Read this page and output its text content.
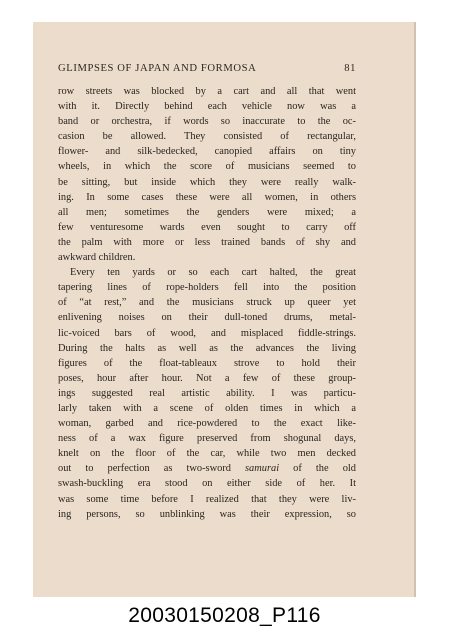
GLIMPSES OF JAPAN AND FORMOSA	81
row streets was blocked by a cart and all that went
with it. Directly behind each vehicle now was a
band or orchestra, if words so inaccurate to the oc-
casion be allowed. They consisted of rectangular,
flower- and silk-bedecked, canopied affairs on tiny
wheels, in which the score of musicians seemed to
be sitting, but inside which they were really walk-
ing. In some cases these were all women, in others
all men; sometimes the genders were mixed; a
few venturesome wards even sought to carry off
the palm with more or less trained bands of shy and
awkward children.
Every ten yards or so each cart halted, the great
tapering lines of rope-holders fell into the position
of “at rest,” and the musicians struck up queer yet
enlivening noises on their dull-toned drums, metal-
lic-voiced bars of wood, and misplaced fiddle-strings.
During the halts as well as the advances the living
figures of the float-tableaux strove to hold their
poses, hour after hour. Not a few of these group-
ings suggested real artistic ability. I was particu-
larly taken with a scene of olden times in which a
woman, garbed and rice-powdered to the exact like-
ness of a wax figure preserved from shogunal days,
knelt on the floor of the car, while two men decked
out to perfection as two-sword samurai of the old
swash-buckling era stood on either side of her. It
was some time before I realized that they were liv-
ing persons, so unblinking was their expression, so
20030150208_P116
